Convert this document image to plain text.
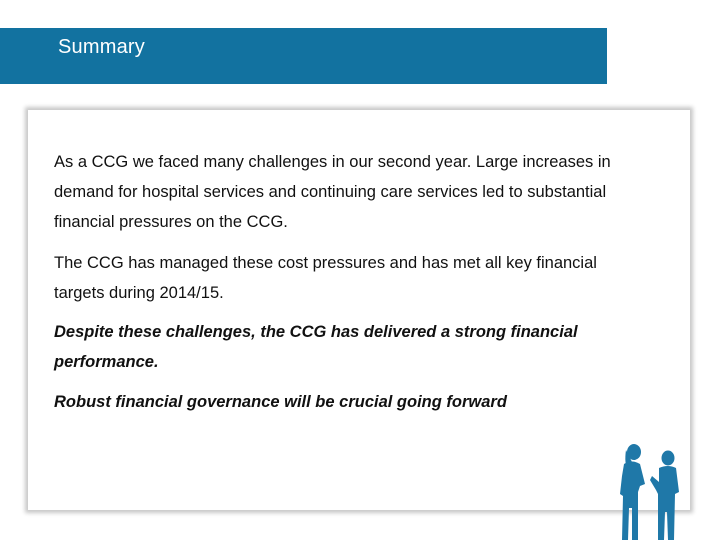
Summary

As a CCG we faced many challenges in our second year. Large increases in demand for hospital services and continuing care services led to substantial financial pressures on the CCG.

The CCG has managed these cost pressures and has met all key financial targets during 2014/15.

Despite these challenges, the CCG has delivered a strong financial performance.

Robust financial governance will be crucial going forward
